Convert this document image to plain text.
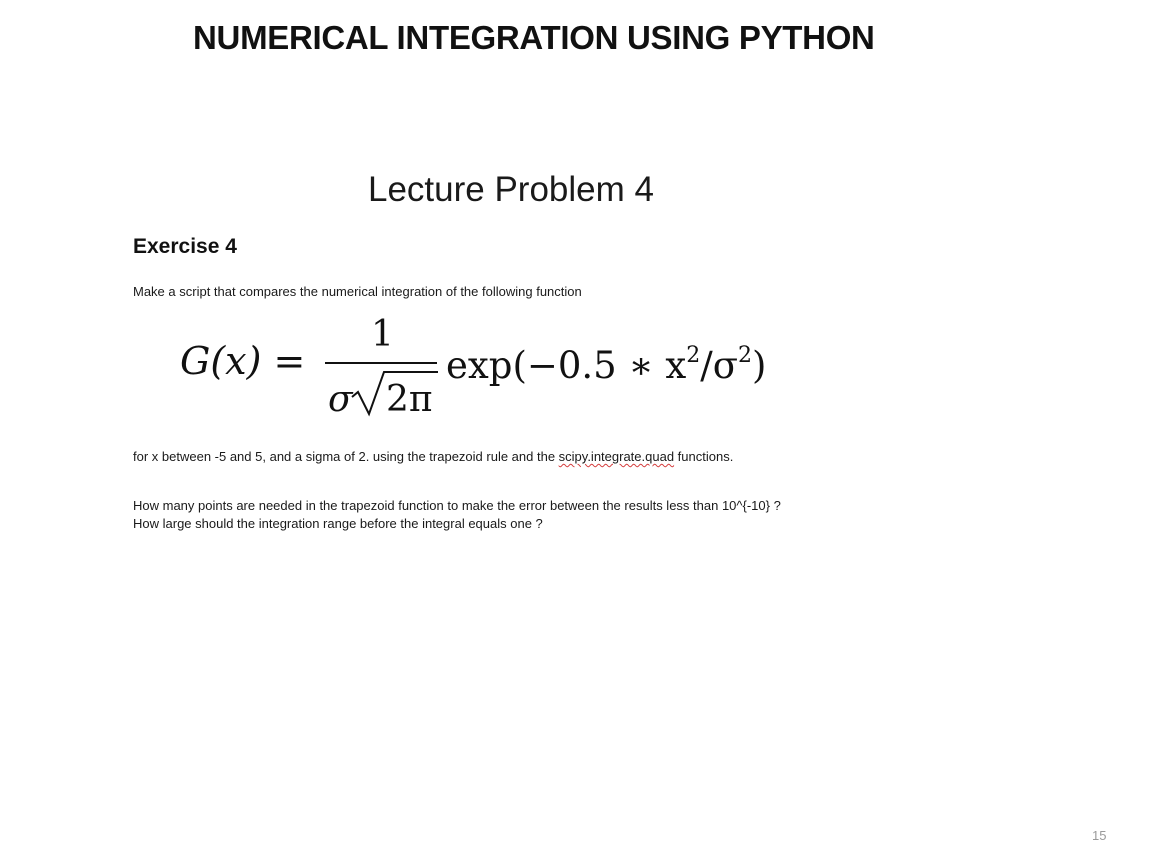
NUMERICAL INTEGRATION USING PYTHON
Lecture Problem 4
Exercise 4
Make a script that compares the numerical integration of the following function
G(x) =
1
σ 2π
exp(−0.5 ∗ $x^2/\sigma^2$)
for x between -5 and 5, and a sigma of 2. using the trapezoid rule and the scipy.integrate.quad functions.
How many points are needed in the trapezoid function to make the error between the results less than 10^{-10} ?
How large should the integration range before the integral equals one ?
15
